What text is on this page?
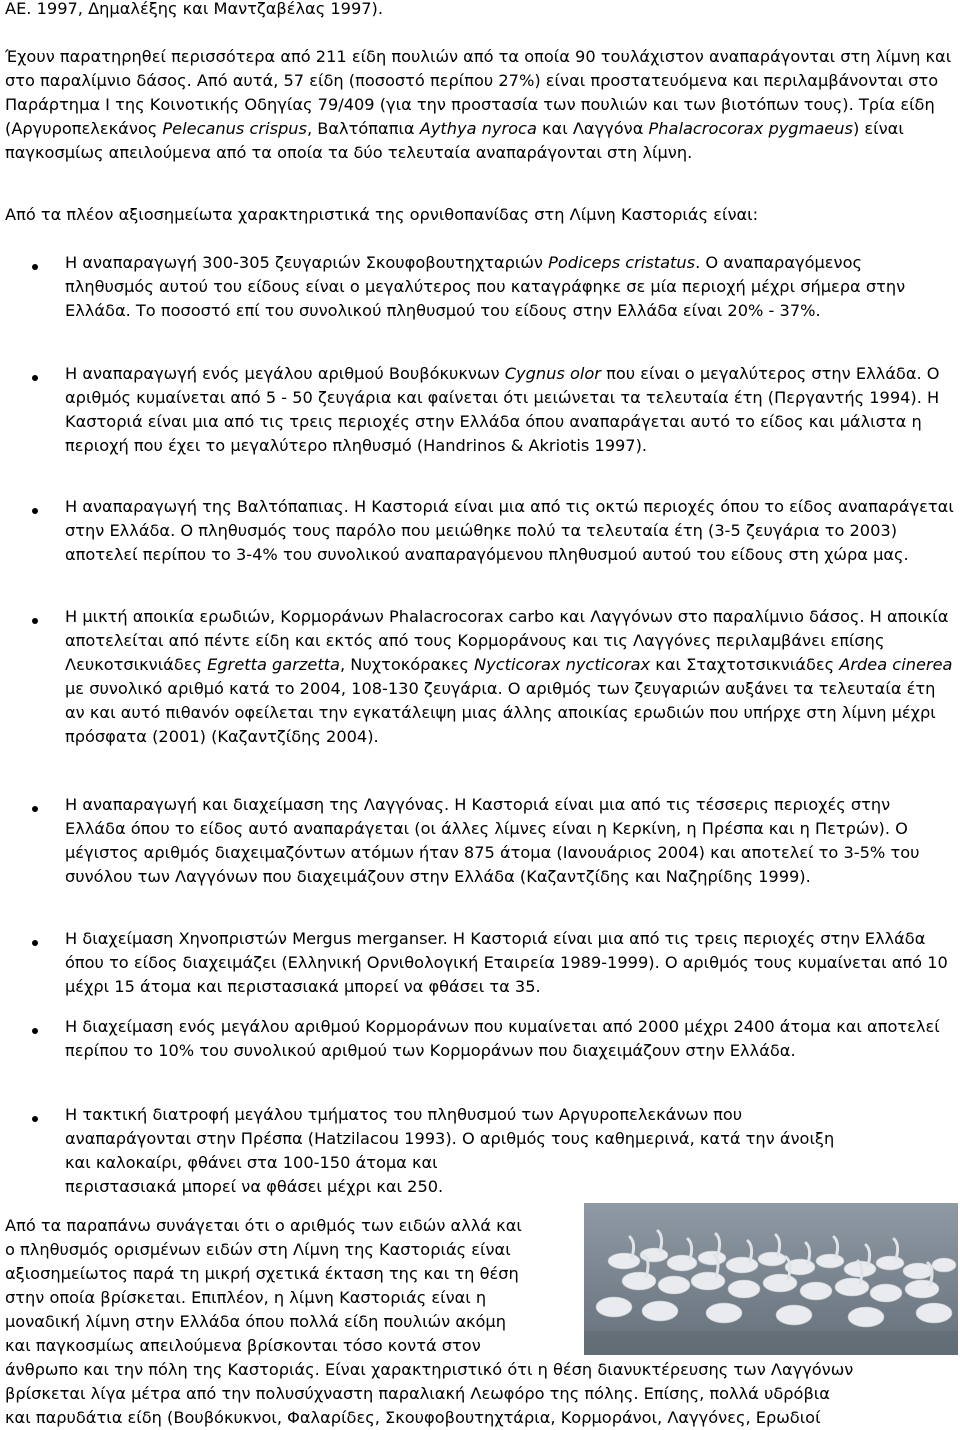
ΑΕ. 1997, Δημαλέξης και Μαντζαβέλας 1997).

Έχουν παρατηρηθεί περισσότερα από 211 είδη πουλιών από τα οποία 90 τουλάχιστον αναπαράγονται στη λίμνη και στο παραλίμνιο δάσος. Από αυτά, 57 είδη (ποσοστό περίπου 27%) είναι προστατευόμενα και περιλαμβάνονται στο Παράρτημα Ι της Κοινοτικής Οδηγίας 79/409 (για την προστασία των πουλιών και των βιοτόπων τους). Τρία είδη (Αργυροπελεκάνος Pelecanus crispus, Βαλτόπαπια Aythya nyroca και Λαγγόνα Phalacrocorax pygmaeus) είναι παγκοσμίως απειλούμενα από τα οποία τα δύο τελευταία αναπαράγονται στη λίμνη.

Από τα πλέον αξιοσημείωτα χαρακτηριστικά της ορνιθοπανίδας στη Λίμνη Καστοριάς είναι:

Η αναπαραγωγή 300-305 ζευγαριών Σκουφοβουτηχταριών Podiceps cristatus. Ο αναπαραγόμενος πληθυσμός αυτού του είδους είναι ο μεγαλύτερος που καταγράφηκε σε μία περιοχή μέχρι σήμερα στην Ελλάδα. Το ποσοστό επί του συνολικού πληθυσμού του είδους στην Ελλάδα είναι 20% - 37%.

Η αναπαραγωγή ενός μεγάλου αριθμού Βουβόκυκνων Cygnus olor που είναι ο μεγαλύτερος στην Ελλάδα. Ο αριθμός κυμαίνεται από 5 - 50 ζευγάρια και φαίνεται ότι μειώνεται τα τελευταία έτη (Περγαντής 1994). Η Καστοριά είναι μια από τις τρεις περιοχές στην Ελλάδα όπου αναπαράγεται αυτό το είδος και μάλιστα η περιοχή που έχει το μεγαλύτερο πληθυσμό (Handrinos & Akriotis 1997).

Η αναπαραγωγή της Βαλτόπαπιας. Η Καστοριά είναι μια από τις οκτώ περιοχές όπου το είδος αναπαράγεται στην Ελλάδα. Ο πληθυσμός τους παρόλο που μειώθηκε πολύ τα τελευταία έτη (3-5 ζευγάρια το 2003) αποτελεί περίπου το 3-4% του συνολικού αναπαραγόμενου πληθυσμού αυτού του είδους στη χώρα μας.

Η μικτή αποικία ερωδιών, Κορμοράνων Phalacrocorax carbo και Λαγγόνων στο παραλίμνιο δάσος. Η αποικία αποτελείται από πέντε είδη και εκτός από τους Κορμοράνους και τις Λαγγόνες περιλαμβάνει επίσης Λευκοτσικνιάδες Egretta garzetta, Νυχτοκόρακες Nycticorax nycticorax και Σταχτοτσικνιάδες Ardea cinerea με συνολικό αριθμό κατά το 2004, 108-130 ζευγάρια. Ο αριθμός των ζευγαριών αυξάνει τα τελευταία έτη αν και αυτό πιθανόν οφείλεται την εγκατάλειψη μιας άλλης αποικίας ερωδιών που υπήρχε στη λίμνη μέχρι πρόσφατα (2001) (Καζαντζίδης 2004).

Η αναπαραγωγή και διαχείμαση της Λαγγόνας. Η Καστοριά είναι μια από τις τέσσερις περιοχές στην Ελλάδα όπου το είδος αυτό αναπαράγεται (οι άλλες λίμνες είναι η Κερκίνη, η Πρέσπα και η Πετρών). Ο μέγιστος αριθμός διαχειμαζόντων ατόμων ήταν 875 άτομα (Ιανουάριος 2004) και αποτελεί το 3-5% του συνόλου των Λαγγόνων που διαχειμάζουν στην Ελλάδα (Καζαντζίδης και Ναζηρίδης 1999).

Η διαχείμαση Χηνοπριστών Mergus merganser. Η Καστοριά είναι μια από τις τρεις περιοχές στην Ελλάδα όπου το είδος διαχειμάζει (Ελληνική Ορνιθολογική Εταιρεία 1989-1999). Ο αριθμός τους κυμαίνεται από 10 μέχρι 15 άτομα και περιστασιακά μπορεί να φθάσει τα 35.

Η διαχείμαση ενός μεγάλου αριθμού Κορμοράνων που κυμαίνεται από 2000 μέχρι 2400 άτομα και αποτελεί περίπου το 10% του συνολικού αριθμού των Κορμοράνων που διαχειμάζουν στην Ελλάδα.

Η τακτική διατροφή μεγάλου τμήματος του πληθυσμού των Αργυροπελεκάνων που
αναπαράγονται στην Πρέσπα (Hatzilacou 1993). Ο αριθμός τους καθημερινά, κατά την άνοιξη
και καλοκαίρι, φθάνει στα 100-150 άτομα και
περιστασιακά μπορεί να φθάσει μέχρι και 250.
Από τα παραπάνω συνάγεται ότι ο αριθμός των ειδών αλλά και
ο πληθυσμός ορισμένων ειδών στη Λίμνη της Καστοριάς είναι
αξιοσημείωτος παρά τη μικρή σχετικά έκταση της και τη θέση
στην οποία βρίσκεται. Επιπλέον, η λίμνη Καστοριάς είναι η
μοναδική λίμνη στην Ελλάδα όπου πολλά είδη πουλιών ακόμη
και παγκοσμίως απειλούμενα βρίσκονται τόσο κοντά στον
άνθρωπο και την πόλη της Καστοριάς. Είναι χαρακτηριστικό ότι η θέση διανυκτέρευσης των Λαγγόνων
βρίσκεται λίγα μέτρα από την πολυσύχναστη παραλιακή Λεωφόρο της πόλης. Επίσης, πολλά υδρόβια
και παρυδάτια είδη (Βουβόκυκνοι, Φαλαρίδες, Σκουφοβουτηχτάρια, Κορμοράνοι, Λαγγόνες, Ερωδιοί
